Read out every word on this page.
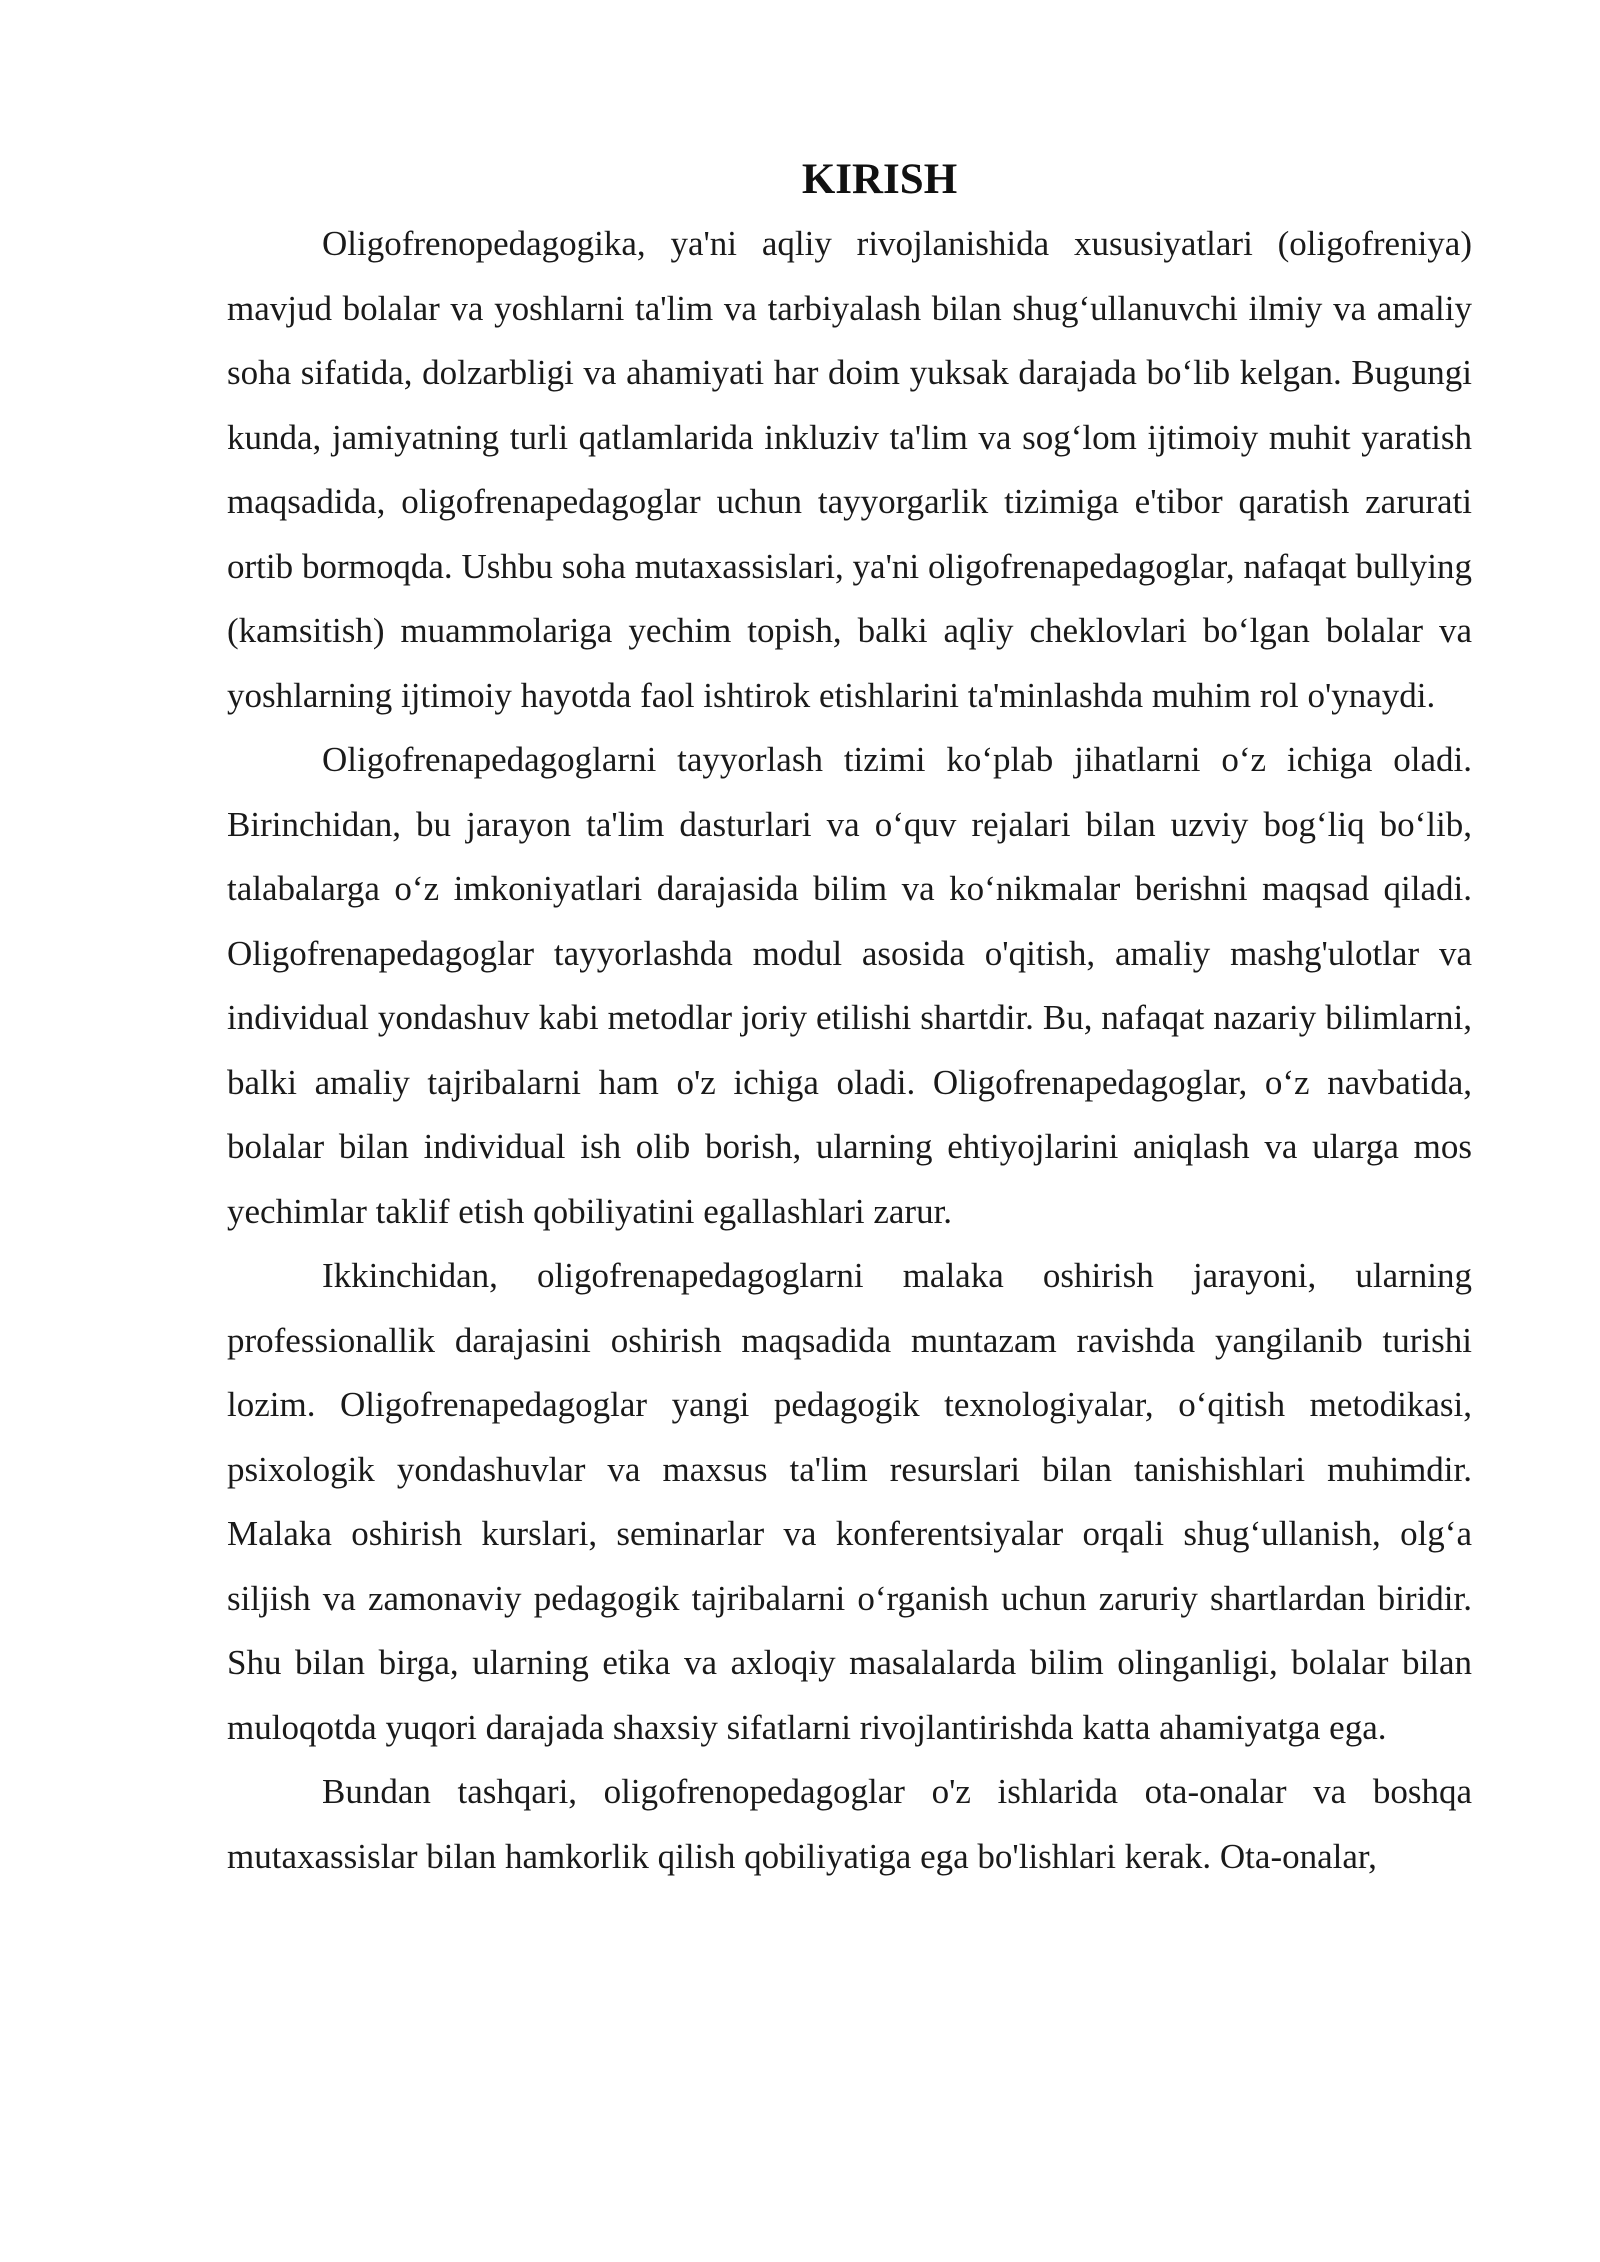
KIRISH

Oligofrenopedagogika, ya'ni aqliy rivojlanishida xususiyatlari (oligofreniya) mavjud bolalar va yoshlarni ta'lim va tarbiyalash bilan shug‘ullanuvchi ilmiy va amaliy soha sifatida, dolzarbligi va ahamiyati har doim yuksak darajada bo‘lib kelgan. Bugungi kunda, jamiyatning turli qatlamlarida inkluziv ta'lim va sog‘lom ijtimoiy muhit yaratish maqsadida, oligofrenapedagoglar uchun tayyorgarlik tizimiga e'tibor qaratish zarurati ortib bormoqda. Ushbu soha mutaxassislari, ya'ni oligofrenapedagoglar, nafaqat bullying (kamsitish) muammolariga yechim topish, balki aqliy cheklovlari bo‘lgan bolalar va yoshlarning ijtimoiy hayotda faol ishtirok etishlarini ta'minlashda muhim rol o'ynaydi.

Oligofrenapedagoglarni tayyorlash tizimi ko‘plab jihatlarni o‘z ichiga oladi. Birinchidan, bu jarayon ta'lim dasturlari va o‘quv rejalari bilan uzviy bog‘liq bo‘lib, talabalarga o‘z imkoniyatlari darajasida bilim va ko‘nikmalar berishni maqsad qiladi. Oligofrenapedagoglar tayyorlashda modul asosida o'qitish, amaliy mashg'ulotlar va individual yondashuv kabi metodlar joriy etilishi shartdir. Bu, nafaqat nazariy bilimlarni, balki amaliy tajribalarni ham o'z ichiga oladi. Oligofrenapedagoglar, o‘z navbatida, bolalar bilan individual ish olib borish, ularning ehtiyojlarini aniqlash va ularga mos yechimlar taklif etish qobiliyatini egallashlari zarur.

Ikkinchidan, oligofrenapedagoglarni malaka oshirish jarayoni, ularning professionallik darajasini oshirish maqsadida muntazam ravishda yangilanib turishi lozim. Oligofrenapedagoglar yangi pedagogik texnologiyalar, o‘qitish metodikasi, psixologik yondashuvlar va maxsus ta'lim resurslari bilan tanishishlari muhimdir. Malaka oshirish kurslari, seminarlar va konferentsiyalar orqali shug‘ullanish, olg‘a siljish va zamonaviy pedagogik tajribalarni o‘rganish uchun zaruriy shartlardan biridir. Shu bilan birga, ularning etika va axloqiy masalalarda bilim olinganligi, bolalar bilan muloqotda yuqori darajada shaxsiy sifatlarni rivojlantirishda katta ahamiyatga ega.

Bundan tashqari, oligofrenopedagoglar o'z ishlarida ota-onalar va boshqa mutaxassislar bilan hamkorlik qilish qobiliyatiga ega bo'lishlari kerak. Ota-onalar,
